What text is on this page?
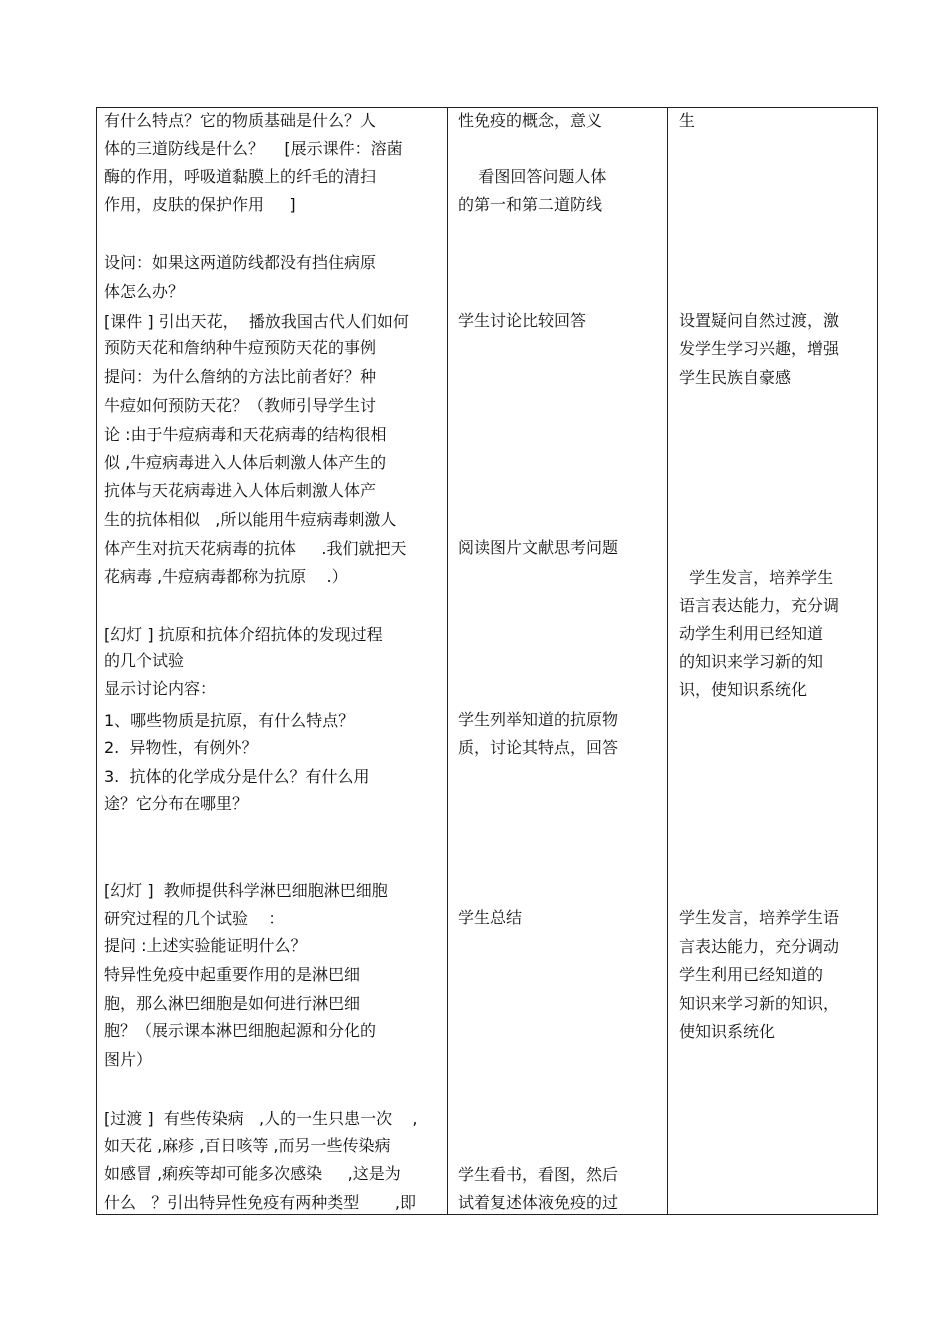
有什么特点？它的物质基础是什么？人
体的三道防线是什么？    [展示课件：溶菌
酶的作用，呼吸道黏膜上的纤毛的清扫
作用，皮肤的保护作用     ]
设问：如果这两道防线都没有挡住病原
体怎么办？
[课件 ] 引出天花，  播放我国古代人们如何
预防天花和詹纳种牛痘预防天花的事例
提问：为什么詹纳的方法比前者好？种
牛痘如何预防天花？（教师引导学生讨
论 :由于牛痘病毒和天花病毒的结构很相
似 ,牛痘病毒进入人体后刺激人体产生的
抗体与天花病毒进入人体后刺激人体产
生的抗体相似   ,所以能用牛痘病毒刺激人
体产生对抗天花病毒的抗体     .我们就把天
花病毒 ,牛痘病毒都称为抗原    .）
[幻灯 ] 抗原和抗体介绍抗体的发现过程
的几个试验
显示讨论内容：
1、哪些物质是抗原，有什么特点？
2.  异物性，有例外？
3.  抗体的化学成分是什么？有什么用
途？它分布在哪里？
[幻灯 ]  教师提供科学淋巴细胞淋巴细胞
研究过程的几个试验    ：
提问 :上述实验能证明什么？
特异性免疫中起重要作用的是淋巴细
胞，那么淋巴细胞是如何进行淋巴细
胞？（展示课本淋巴细胞起源和分化的
图片）
[过渡 ]  有些传染病   ,人的一生只患一次    ,
如天花 ,麻疹 ,百日咳等 ,而另一些传染病
如感冒 ,痢疾等却可能多次感染     ,这是为
什么   ？引出特异性免疫有两种类型       ,即
性免疫的概念，意义
看图回答问题人体
的第一和第二道防线
学生讨论比较回答
阅读图片文献思考问题
学生列举知道的抗原物
质，讨论其特点，回答
学生总结
学生看书，看图，然后
试着复述体液免疫的过
生
设置疑问自然过渡，激
发学生学习兴趣，增强
学生民族自豪感
学生发言，培养学生
语言表达能力，充分调
动学生利用已经知道
的知识来学习新的知
识，使知识系统化
学生发言，培养学生语
言表达能力，充分调动
学生利用已经知道的
知识来学习新的知识，
使知识系统化
